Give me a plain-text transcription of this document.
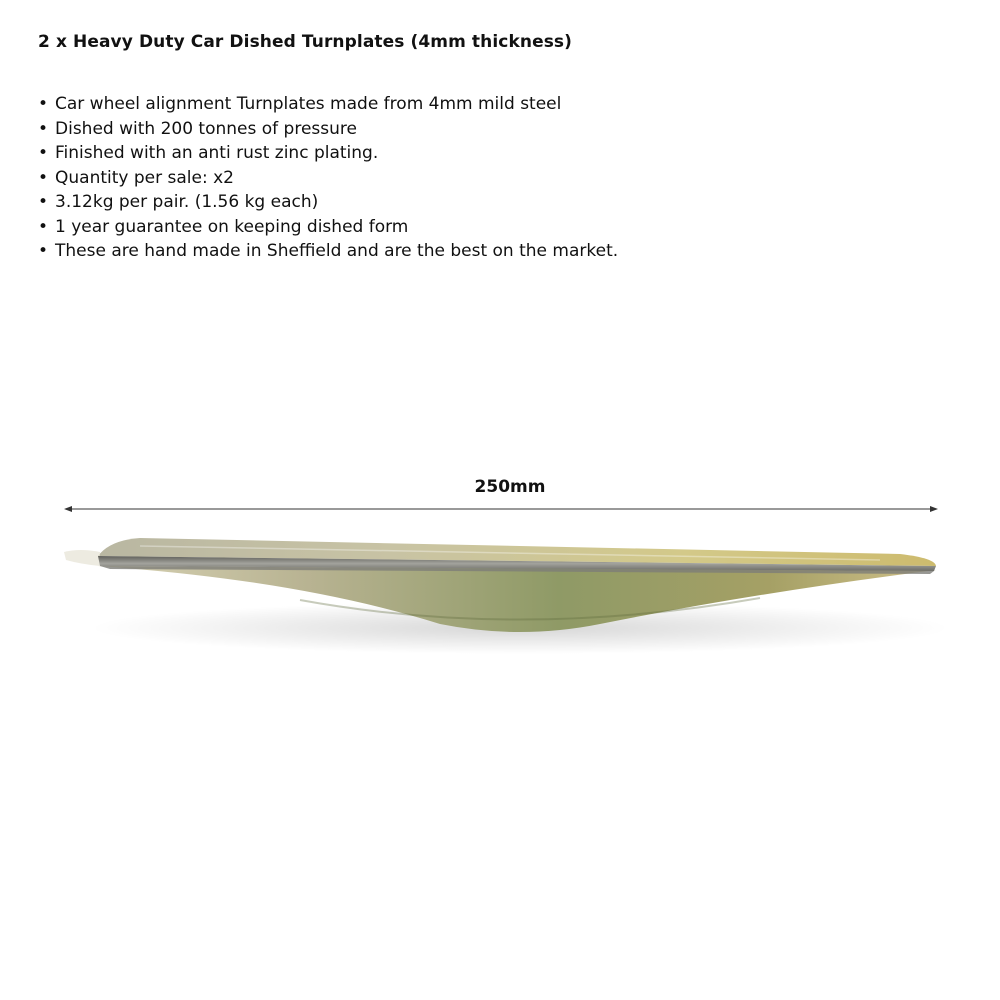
2 x Heavy Duty Car Dished Turnplates (4mm thickness)
• Car wheel alignment Turnplates made from 4mm mild steel
• Dished with 200 tonnes of pressure
• Finished with an anti rust zinc plating.
• Quantity per sale: x2
• 3.12kg per pair. (1.56 kg each)
• 1 year guarantee on keeping dished form
• These are hand made in Sheffield and are the best on the market.
250mm
